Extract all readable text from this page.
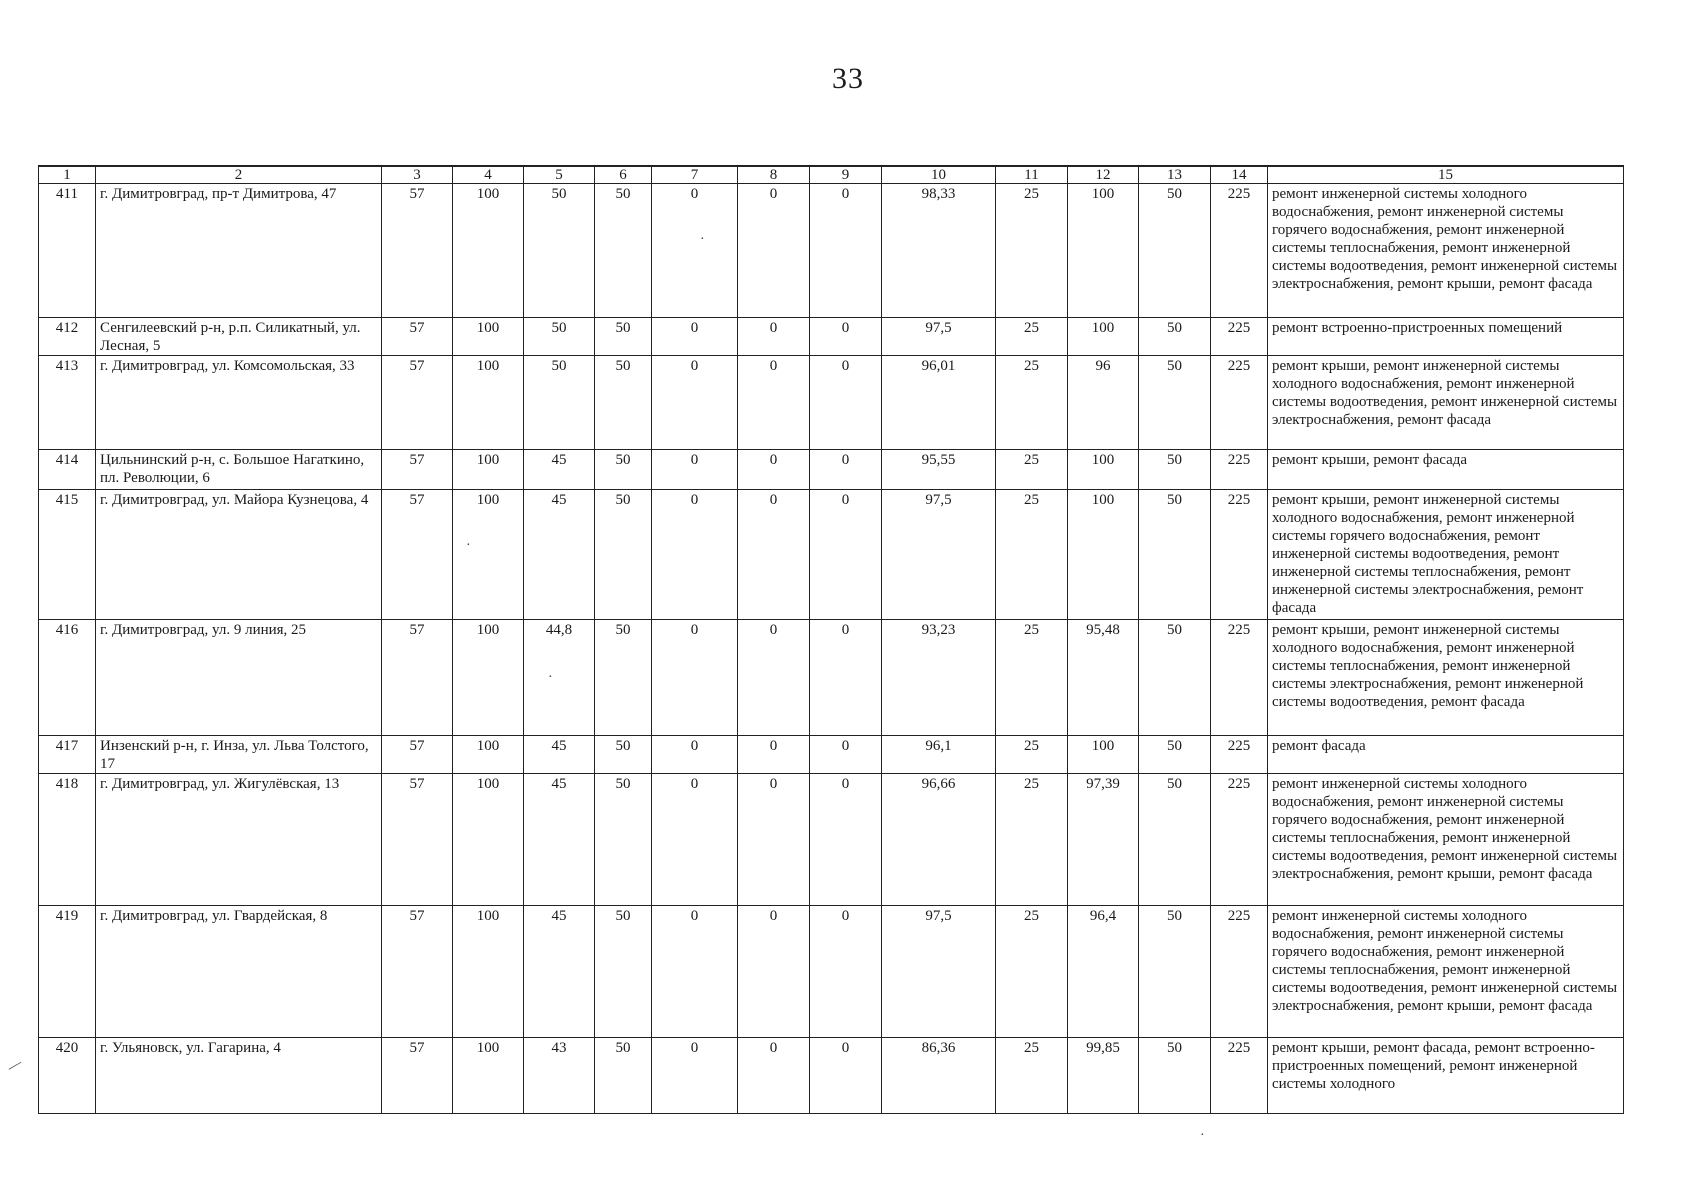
33
1	2	3	4	5	6	7	8	9	10	11	12	13	14	15
411	г. Димитровград, пр-т Димитрова, 47	57	100	50	50	0	0	0	98,33	25	100	50	225	ремонт инженерной системы холодного водоснабжения, ремонт инженерной системы горячего водоснабжения, ремонт инженерной системы теплоснабжения, ремонт инженерной системы водоотведения, ремонт инженерной системы электроснабжения, ремонт крыши, ремонт фасада
412	Сенгилеевский р-н, р.п. Силикатный, ул. Лесная, 5	57	100	50	50	0	0	0	97,5	25	100	50	225	ремонт встроенно-пристроенных помещений
413	г. Димитровград, ул. Комсомольская, 33	57	100	50	50	0	0	0	96,01	25	96	50	225	ремонт крыши, ремонт инженерной системы холодного водоснабжения, ремонт инженерной системы водоотведения, ремонт инженерной системы электроснабжения, ремонт фасада
414	Цильнинский р-н, с. Большое Нагаткино, пл. Революции, 6	57	100	45	50	0	0	0	95,55	25	100	50	225	ремонт крыши, ремонт фасада
415	г. Димитровград, ул. Майора Кузнецова, 4	57	100	45	50	0	0	0	97,5	25	100	50	225	ремонт крыши, ремонт инженерной системы холодного водоснабжения, ремонт инженерной системы горячего водоснабжения, ремонт инженерной системы водоотведения, ремонт инженерной системы теплоснабжения, ремонт инженерной системы электроснабжения, ремонт фасада
416	г. Димитровград, ул. 9 линия, 25	57	100	44,8	50	0	0	0	93,23	25	95,48	50	225	ремонт крыши, ремонт инженерной системы холодного водоснабжения, ремонт инженерной системы теплоснабжения, ремонт инженерной системы электроснабжения, ремонт инженерной системы водоотведения, ремонт фасада
417	Инзенский р-н, г. Инза, ул. Льва Толстого, 17	57	100	45	50	0	0	0	96,1	25	100	50	225	ремонт фасада
418	г. Димитровград, ул. Жигулёвская, 13	57	100	45	50	0	0	0	96,66	25	97,39	50	225	ремонт инженерной системы холодного водоснабжения, ремонт инженерной системы горячего водоснабжения, ремонт инженерной системы теплоснабжения, ремонт инженерной системы водоотведения, ремонт инженерной системы электроснабжения, ремонт крыши, ремонт фасада
419	г. Димитровград, ул. Гвардейская, 8	57	100	45	50	0	0	0	97,5	25	96,4	50	225	ремонт инженерной системы холодного водоснабжения, ремонт инженерной системы горячего водоснабжения, ремонт инженерной системы теплоснабжения, ремонт инженерной системы водоотведения, ремонт инженерной системы электроснабжения, ремонт крыши, ремонт фасада
420	г. Ульяновск, ул. Гагарина, 4	57	100	43	50	0	0	0	86,36	25	99,85	50	225	ремонт крыши, ремонт фасада, ремонт встроенно-пристроенных помещений, ремонт инженерной системы холодного
·
·
·
—
·
